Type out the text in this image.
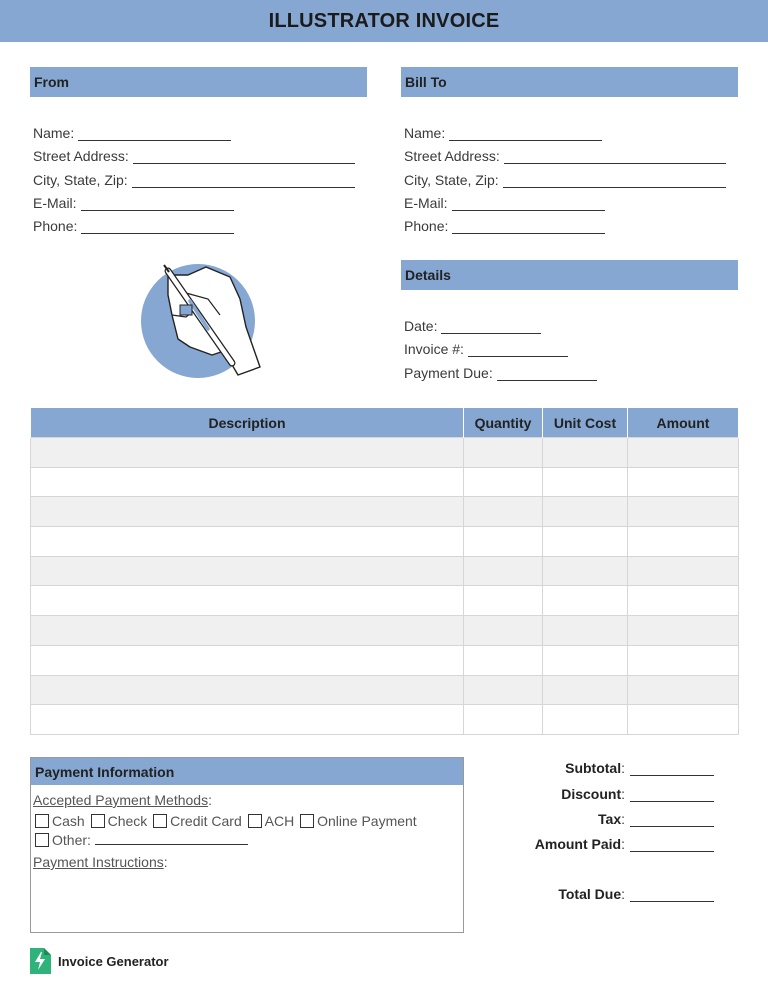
ILLUSTRATOR INVOICE
From
Name:
Street Address:
City, State, Zip:
E-Mail:
Phone:
Bill To
Name:
Street Address:
City, State, Zip:
E-Mail:
Phone:
Details
Date:
Invoice #:
Payment Due:
Description	Quantity	Unit Cost	Amount

Payment Information
Accepted Payment Methods:
Cash Check Credit Card ACH Online Payment
Other:
Payment Instructions:
Subtotal :
Discount :
Tax :
Amount Paid :
Total Due :
Invoice Generator
